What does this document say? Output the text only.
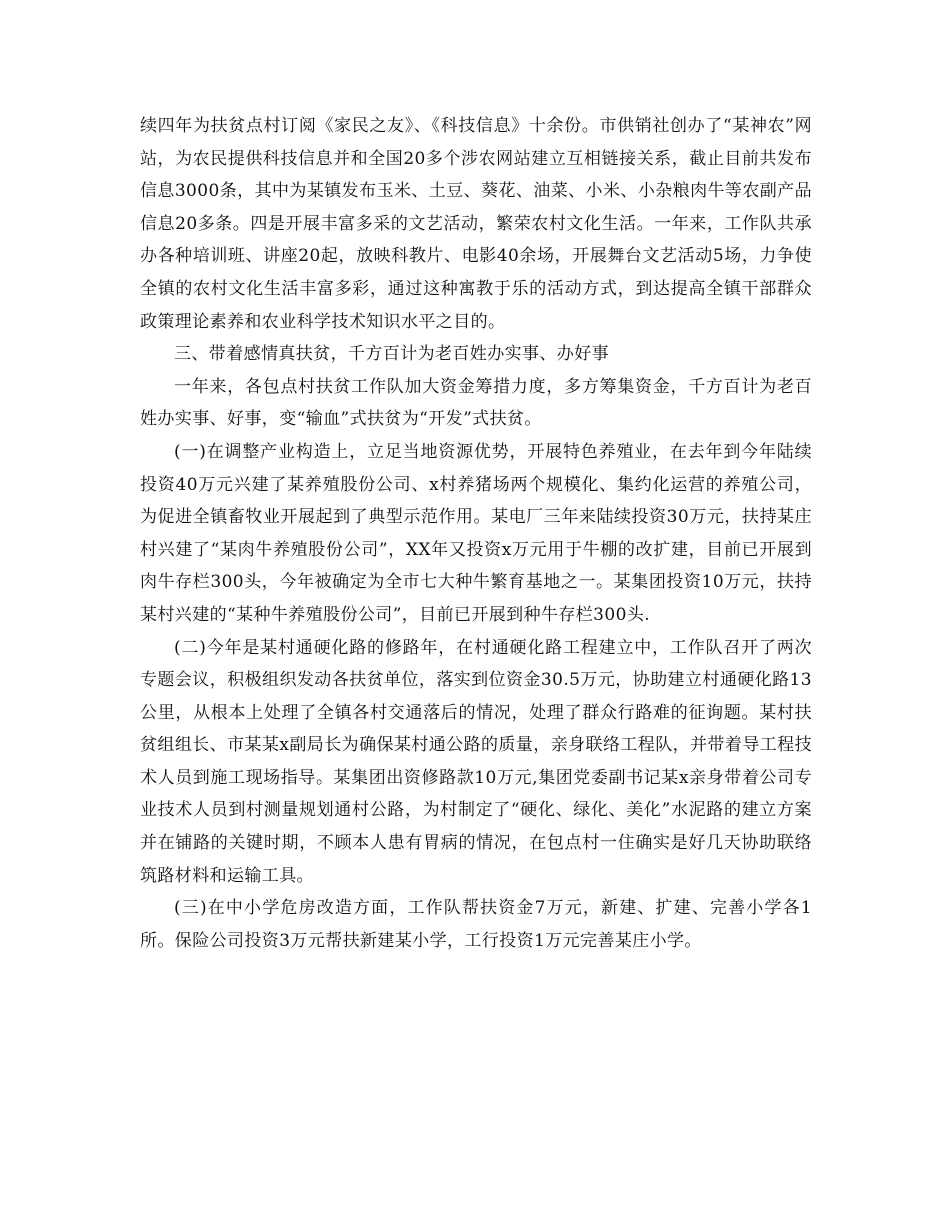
续四年为扶贫点村订阅《家民之友》、《科技信息》十余份。市供销社创办了“某神农”网站，为农民提供科技信息并和全国20多个涉农网站建立互相链接关系，截止目前共发布信息3000条，其中为某镇发布玉米、土豆、葵花、油菜、小米、小杂粮肉牛等农副产品信息20多条。四是开展丰富多采的文艺活动，繁荣农村文化生活。一年来，工作队共承办各种培训班、讲座20起，放映科教片、电影40余场，开展舞台文艺活动5场，力争使全镇的农村文化生活丰富多彩，通过这种寓教于乐的活动方式，到达提高全镇干部群众政策理论素养和农业科学技术知识水平之目的。

三、带着感情真扶贫，千方百计为老百姓办实事、办好事

一年来，各包点村扶贫工作队加大资金筹措力度，多方筹集资金，千方百计为老百姓办实事、好事，变“输血”式扶贫为“开发”式扶贫。

(一)在调整产业构造上，立足当地资源优势，开展特色养殖业，在去年到今年陆续投资40万元兴建了某养殖股份公司、x村养猪场两个规模化、集约化运营的养殖公司，为促进全镇畜牧业开展起到了典型示范作用。某电厂三年来陆续投资30万元，扶持某庄村兴建了“某肉牛养殖股份公司”，XX年又投资x万元用于牛棚的改扩建，目前已开展到肉牛存栏300头，今年被确定为全市七大种牛繁育基地之一。某集团投资10万元，扶持某村兴建的“某种牛养殖股份公司”，目前已开展到种牛存栏300头.

(二)今年是某村通硬化路的修路年，在村通硬化路工程建立中，工作队召开了两次专题会议，积极组织发动各扶贫单位，落实到位资金30.5万元，协助建立村通硬化路13公里，从根本上处理了全镇各村交通落后的情况，处理了群众行路难的征询题。某村扶贫组组长、市某某x副局长为确保某村通公路的质量，亲身联络工程队，并带着导工程技术人员到施工现场指导。某集团出资修路款10万元,集团党委副书记某x亲身带着公司专业技术人员到村测量规划通村公路，为村制定了“硬化、绿化、美化”水泥路的建立方案并在铺路的关键时期，不顾本人患有胃病的情况，在包点村一住确实是好几天协助联络筑路材料和运输工具。

(三)在中小学危房改造方面，工作队帮扶资金7万元，新建、扩建、完善小学各1所。保险公司投资3万元帮扶新建某小学，工行投资1万元完善某庄小学。
